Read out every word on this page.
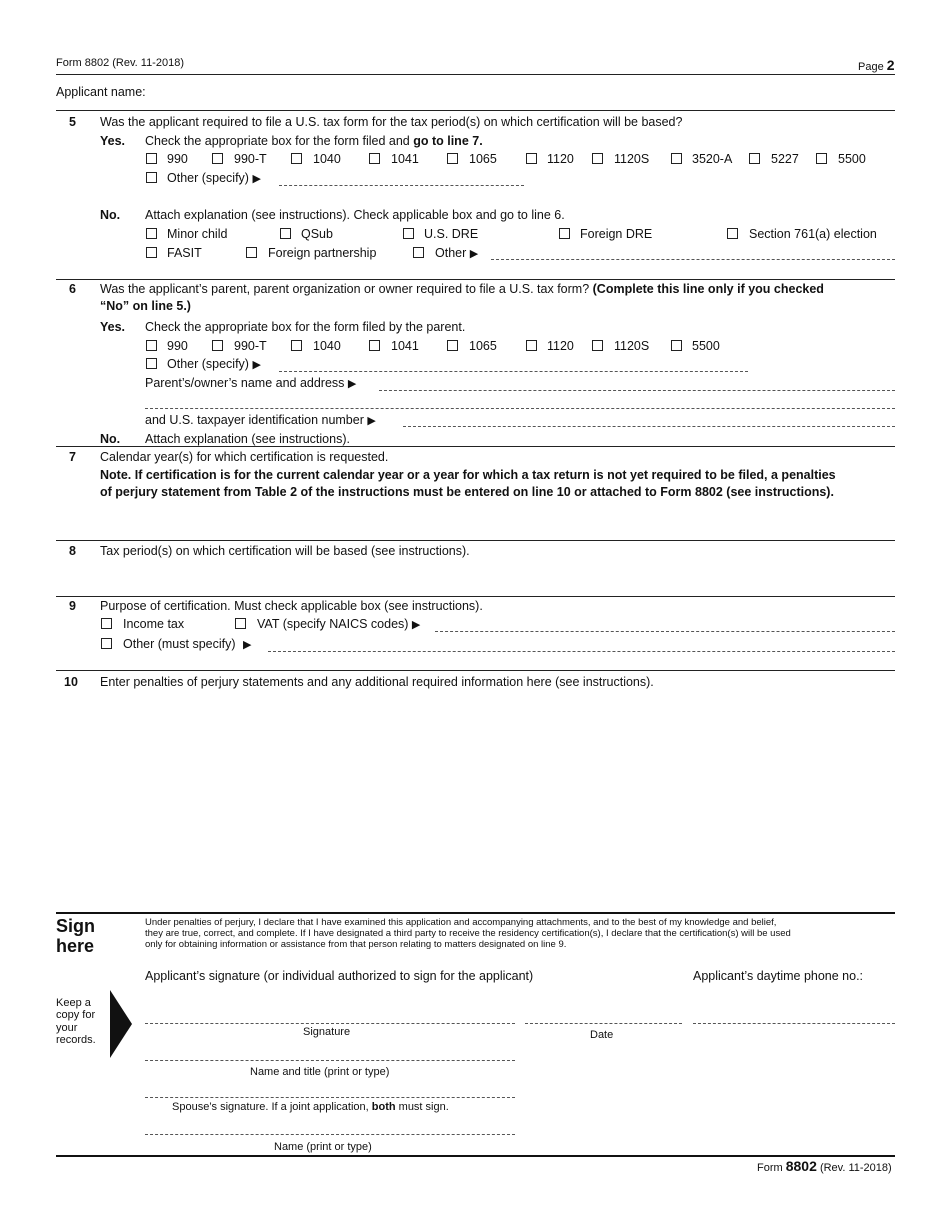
Form 8802 (Rev. 11-2018)	Page 2
Applicant name:
5 Was the applicant required to file a U.S. tax form for the tax period(s) on which certification will be based?
Yes. Check the appropriate box for the form filed and go to line 7.
990	990-T	1040	1041	1065	1120	1120S	3520-A	5227	5500
Other (specify) ▶
No. Attach explanation (see instructions). Check applicable box and go to line 6.
Minor child	QSub	U.S. DRE	Foreign DRE	Section 761(a) election
FASIT	Foreign partnership	Other ▶
6 Was the applicant’s parent, parent organization or owner required to file a U.S. tax form? (Complete this line only if you checked
“No” on line 5.)
Yes. Check the appropriate box for the form filed by the parent.
990	990-T	1040	1041	1065	1120	1120S	5500
Other (specify) ▶
Parent’s/owner’s name and address ▶
and U.S. taxpayer identification number ▶
No. Attach explanation (see instructions).
7 Calendar year(s) for which certification is requested.
Note. If certification is for the current calendar year or a year for which a tax return is not yet required to be filed, a penalties
of perjury statement from Table 2 of the instructions must be entered on line 10 or attached to Form 8802 (see instructions).
8 Tax period(s) on which certification will be based (see instructions).
9 Purpose of certification. Must check applicable box (see instructions).
Income tax	VAT (specify NAICS codes) ▶
Other (must specify) ▶
10 Enter penalties of perjury statements and any additional required information here (see instructions).
Sign
here
Under penalties of perjury, I declare that I have examined this application and accompanying attachments, and to the best of my knowledge and belief,
they are true, correct, and complete. If I have designated a third party to receive the residency certification(s), I declare that the certification(s) will be used
only for obtaining information or assistance from that person relating to matters designated on line 9.
Applicant’s signature (or individual authorized to sign for the applicant)	Applicant’s daytime phone no.:
Keep a
copy for
your
records.
Signature	Date
Name and title (print or type)
Spouse’s signature. If a joint application, both must sign.
Name (print or type)
Form 8802 (Rev. 11-2018)
